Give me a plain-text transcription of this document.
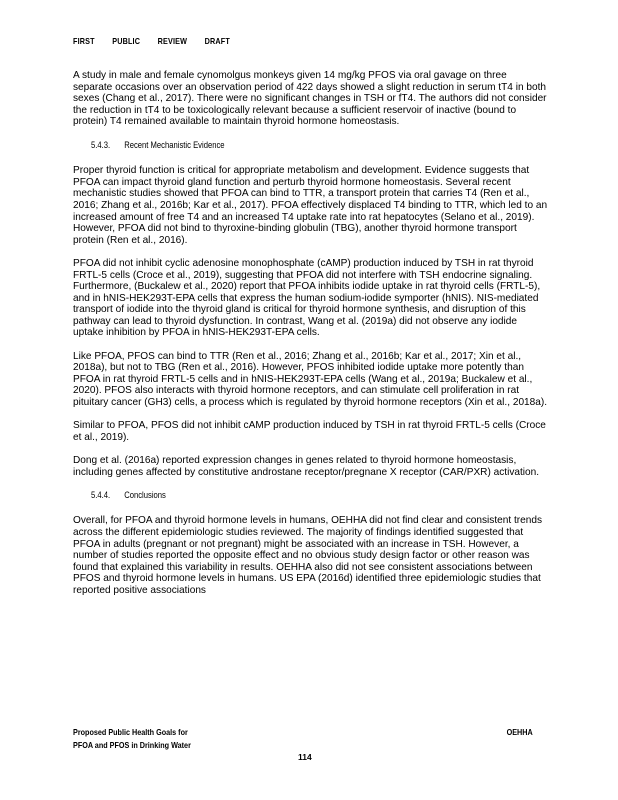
FIRST PUBLIC REVIEW DRAFT

A study in male and female cynomolgus monkeys given 14 mg/kg PFOS via oral gavage on three separate occasions over an observation period of 422 days showed a slight reduction in serum tT4 in both sexes (Chang et al., 2017). There were no significant changes in TSH or fT4. The authors did not consider the reduction in tT4 to be toxicologically relevant because a sufficient reservoir of inactive (bound to protein) T4 remained available to maintain thyroid hormone homeostasis.

5.4.3. Recent Mechanistic Evidence

Proper thyroid function is critical for appropriate metabolism and development. Evidence suggests that PFOA can impact thyroid gland function and perturb thyroid hormone homeostasis. Several recent mechanistic studies showed that PFOA can bind to TTR, a transport protein that carries T4 (Ren et al., 2016; Zhang et al., 2016b; Kar et al., 2017). PFOA effectively displaced T4 binding to TTR, which led to an increased amount of free T4 and an increased T4 uptake rate into rat hepatocytes (Selano et al., 2019). However, PFOA did not bind to thyroxine-binding globulin (TBG), another thyroid hormone transport protein (Ren et al., 2016).

PFOA did not inhibit cyclic adenosine monophosphate (cAMP) production induced by TSH in rat thyroid FRTL-5 cells (Croce et al., 2019), suggesting that PFOA did not interfere with TSH endocrine signaling. Furthermore, (Buckalew et al., 2020) report that PFOA inhibits iodide uptake in rat thyroid cells (FRTL-5), and in hNIS-HEK293T-EPA cells that express the human sodium-iodide symporter (hNIS). NIS-mediated transport of iodide into the thyroid gland is critical for thyroid hormone synthesis, and disruption of this pathway can lead to thyroid dysfunction. In contrast, Wang et al. (2019a) did not observe any iodide uptake inhibition by PFOA in hNIS-HEK293T-EPA cells.

Like PFOA, PFOS can bind to TTR (Ren et al., 2016; Zhang et al., 2016b; Kar et al., 2017; Xin et al., 2018a), but not to TBG (Ren et al., 2016). However, PFOS inhibited iodide uptake more potently than PFOA in rat thyroid FRTL-5 cells and in hNIS-HEK293T-EPA cells (Wang et al., 2019a; Buckalew et al., 2020). PFOS also interacts with thyroid hormone receptors, and can stimulate cell proliferation in rat pituitary cancer (GH3) cells, a process which is regulated by thyroid hormone receptors (Xin et al., 2018a).

Similar to PFOA, PFOS did not inhibit cAMP production induced by TSH in rat thyroid FRTL-5 cells (Croce et al., 2019).

Dong et al. (2016a) reported expression changes in genes related to thyroid hormone homeostasis, including genes affected by constitutive androstane receptor/pregnane X receptor (CAR/PXR) activation.

5.4.4. Conclusions

Overall, for PFOA and thyroid hormone levels in humans, OEHHA did not find clear and consistent trends across the different epidemiologic studies reviewed. The majority of findings identified suggested that PFOA in adults (pregnant or not pregnant) might be associated with an increase in TSH. However, a number of studies reported the opposite effect and no obvious study design factor or other reason was found that explained this variability in results. OEHHA also did not see consistent associations between PFOS and thyroid hormone levels in humans. US EPA (2016d) identified three epidemiologic studies that reported positive associations

Proposed Public Health Goals for
PFOA and PFOS in Drinking Water
OEHHA
114
